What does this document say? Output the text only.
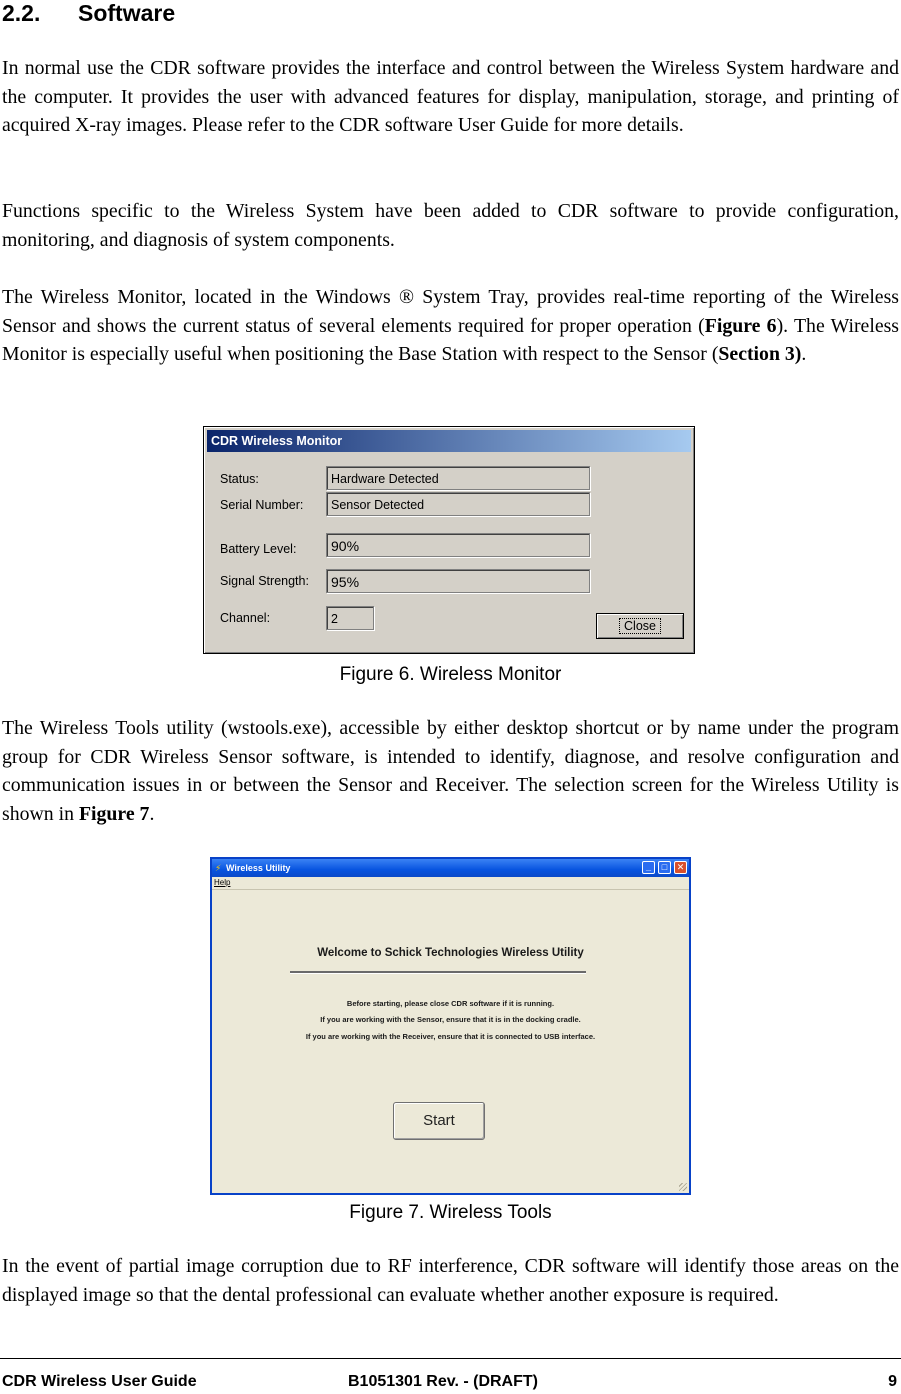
2.2. Software

In normal use the CDR software provides the interface and control between the Wireless System hardware and the computer. It provides the user with advanced features for display, manipulation, storage, and printing of acquired X-ray images. Please refer to the CDR software User Guide for more details.

Functions specific to the Wireless System have been added to CDR software to provide configuration, monitoring, and diagnosis of system components.

The Wireless Monitor, located in the Windows ® System Tray, provides real-time reporting of the Wireless Sensor and shows the current status of several elements required for proper operation (Figure 6). The Wireless Monitor is especially useful when positioning the Base Station with respect to the Sensor (Section 3).

CDR Wireless Monitor
Status:	Hardware Detected
Serial Number:	Sensor Detected
Battery Level:	90%
Signal Strength:	95%
Channel:	2	Close
Figure 6. Wireless Monitor

The Wireless Tools utility (wstools.exe), accessible by either desktop shortcut or by name under the program group for CDR Wireless Sensor software, is intended to identify, diagnose, and resolve configuration and communication issues in or between the Sensor and Receiver. The selection screen for the Wireless Utility is shown in Figure 7.

⚡ Wireless Utility	_	□	✕
Help
Welcome to Schick Technologies Wireless Utility
Before starting, please close CDR software if it is running.
If you are working with the Sensor, ensure that it is in the docking cradle.
If you are working with the Receiver, ensure that it is connected to USB interface.
Start
Figure 7. Wireless Tools

In the event of partial image corruption due to RF interference, CDR software will identify those areas on the displayed image so that the dental professional can evaluate whether another exposure is required.

CDR Wireless User Guide	B1051301 Rev. - (DRAFT)	9
